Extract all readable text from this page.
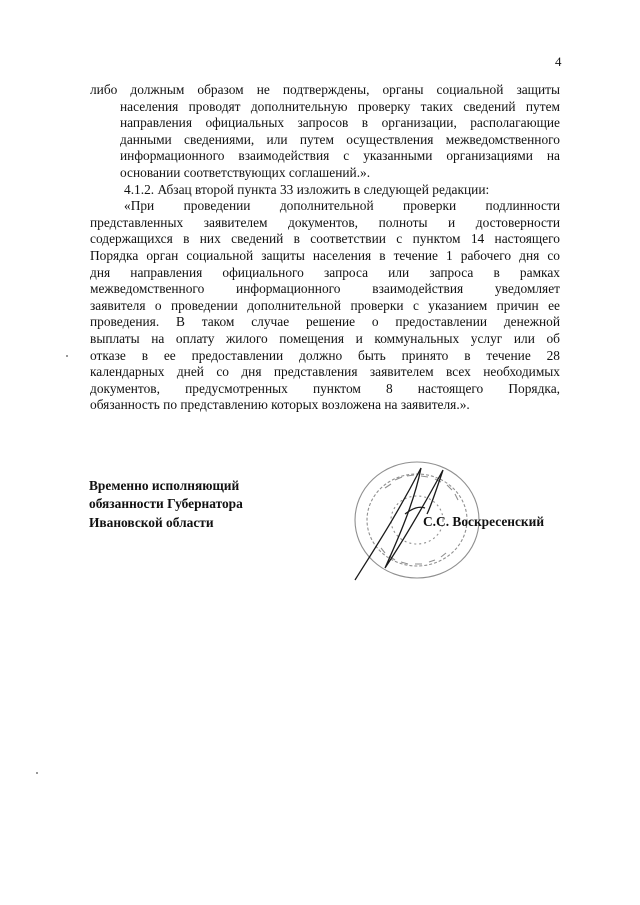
4
либо должным образом не подтверждены, органы социальной защиты
населения проводят дополнительную проверку таких сведений путем
направления официальных запросов в организации, располагающие
данными сведениями, или путем осуществления межведомственного
информационного взаимодействия с указанными организациями на
основании соответствующих соглашений.».
4.1.2. Абзац второй пункта 33 изложить в следующей редакции:
«При проведении дополнительной проверки подлинности
представленных заявителем документов, полноты и достоверности
содержащихся в них сведений в соответствии с пунктом 14 настоящего
Порядка орган социальной защиты населения в течение 1 рабочего дня со
дня направления официального запроса или запроса в рамках
межведомственного информационного взаимодействия уведомляет
заявителя о проведении дополнительной проверки с указанием причин ее
проведения. В таком случае решение о предоставлении денежной
выплаты на оплату жилого помещения и коммунальных услуг или об
отказе в ее предоставлении должно быть принято в течение 28
календарных дней со дня представления заявителем всех необходимых
документов, предусмотренных пунктом 8 настоящего Порядка,
обязанность по представлению которых возложена на заявителя.».
Временно исполняющий
обязанности Губернатора
Ивановской области	С.С. Воскресенский
